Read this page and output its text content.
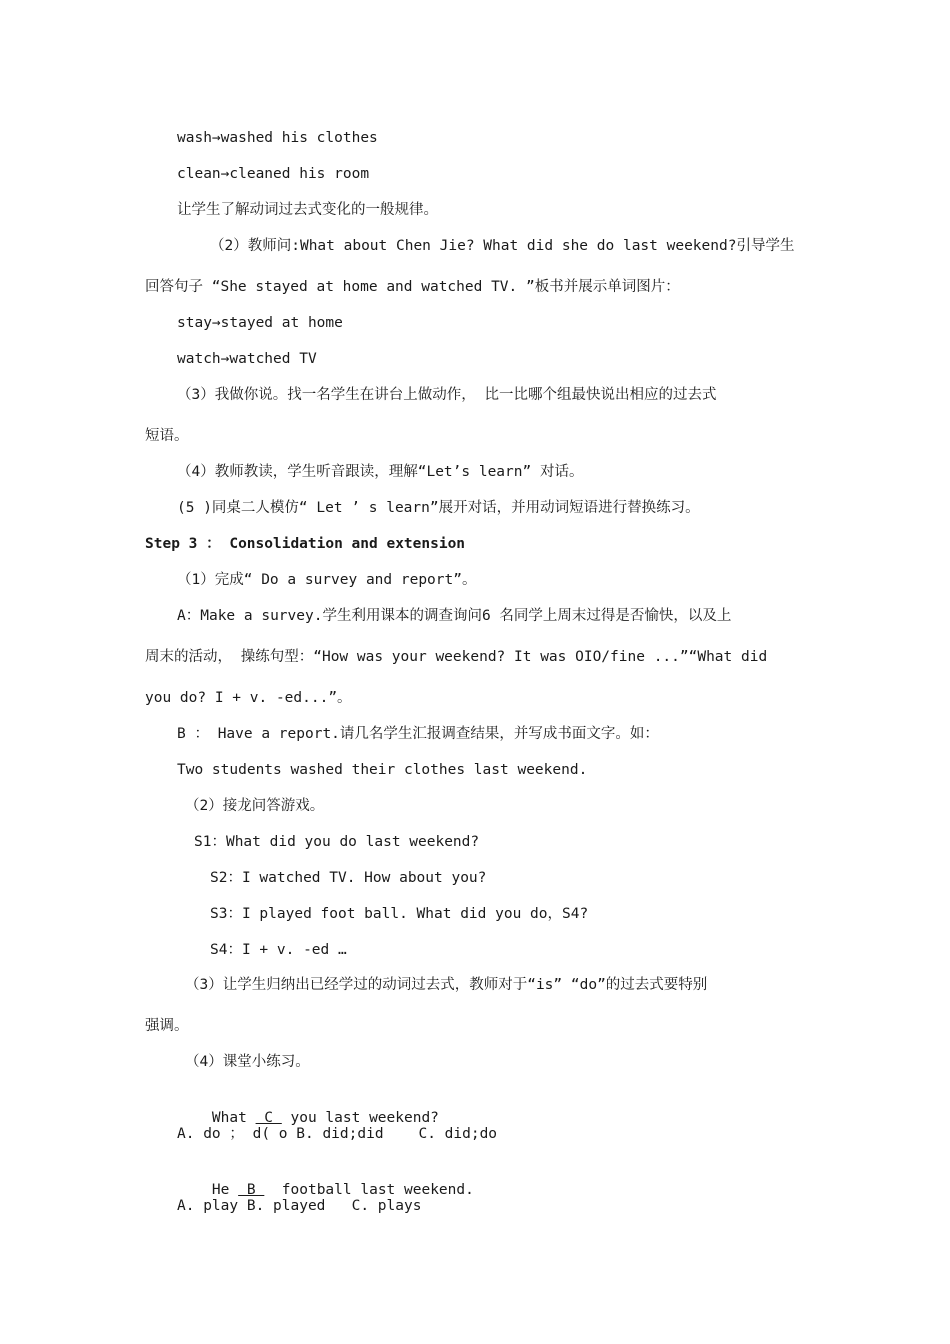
wash→washed his clothes
clean→cleaned his room
让学生了解动词过去式变化的一般规律。
（2）教师问:What about Chen Jie? What did she do last weekend?引导学生
回答句子 “She stayed at home and watched TV. ”板书并展示单词图片：
stay→stayed at home
watch→watched TV
（3）我做你说。找一名学生在讲台上做动作， 比一比哪个组最快说出相应的过去式
短语。
（4）教师教读，学生听音跟读，理解“Let’s learn” 对话。
(5 )同桌二人模仿“ Let ’ s learn”展开对话，并用动词短语进行替换练习。
Step 3 ： Consolidation and extension
（1）完成“ Do a survey and report”。
A：Make a survey.学生利用课本的调查询问6 名同学上周末过得是否愉快，以及上
周末的活动， 操练句型：“How was your weekend? It was OIO/fine ...”“What did
you do? I + v. -ed...”。
B ： Have a report.请几名学生汇报调查结果，并写成书面文字。如：
Two students washed their clothes last weekend.
（2）接龙问答游戏。
S1：What did you do last weekend?
S2：I watched TV. How about you?
S3：I played foot ball. What did you do，S4?
S4：I + v. -ed …
（3）让学生归纳出已经学过的动词过去式，教师对于“is” “do”的过去式要特别
强调。
（4）课堂小练习。

What  C  you last weekend?

A. do ； d( o B. did;did    C. did;do

He  B   football last weekend.

A. play B. played   C. plays
